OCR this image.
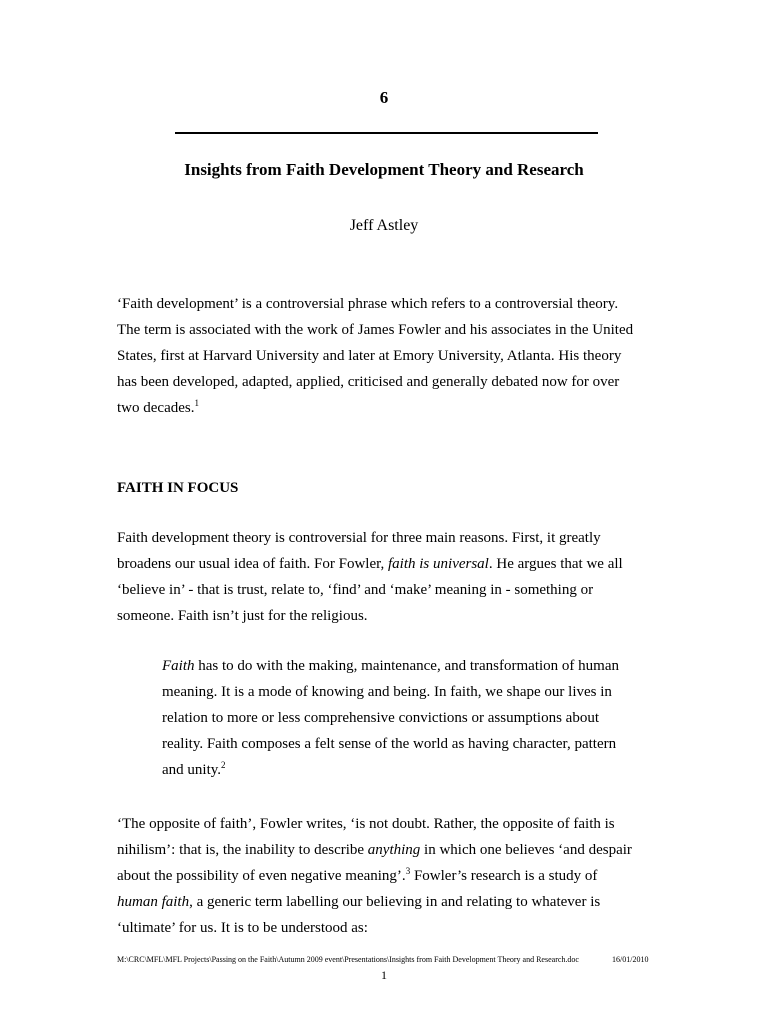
6
Insights from Faith Development Theory and Research
Jeff Astley

‘Faith development’ is a controversial phrase which refers to a controversial theory.

The term is associated with the work of James Fowler and his associates in the United

States, first at Harvard University and later at Emory University, Atlanta. His theory

has been developed, adapted, applied, criticised and generally debated now for over

two decades.$^1$

FAITH IN FOCUS

Faith development theory is controversial for three main reasons. First, it greatly

broadens our usual idea of faith. For Fowler, faith is universal. He argues that we all

‘believe in’ - that is trust, relate to, ‘find’ and ‘make’ meaning in - something or

someone. Faith isn’t just for the religious.

Faith has to do with the making, maintenance, and transformation of human

meaning. It is a mode of knowing and being. In faith, we shape our lives in

relation to more or less comprehensive convictions or assumptions about

reality. Faith composes a felt sense of the world as having character, pattern

and unity.$^2$

‘The opposite of faith’, Fowler writes, ‘is not doubt. Rather, the opposite of faith is

nihilism’: that is, the inability to describe anything in which one believes ‘and despair

about the possibility of even negative meaning’.$^3$ Fowler’s research is a study of

human faith, a generic term labelling our believing in and relating to whatever is

‘ultimate’ for us. It is to be understood as:

M:\CRC\MFL\MFL Projects\Passing on the Faith\Autumn 2009 event\Presentations\Insights from Faith Development Theory and Research.doc	16/01/2010
1
